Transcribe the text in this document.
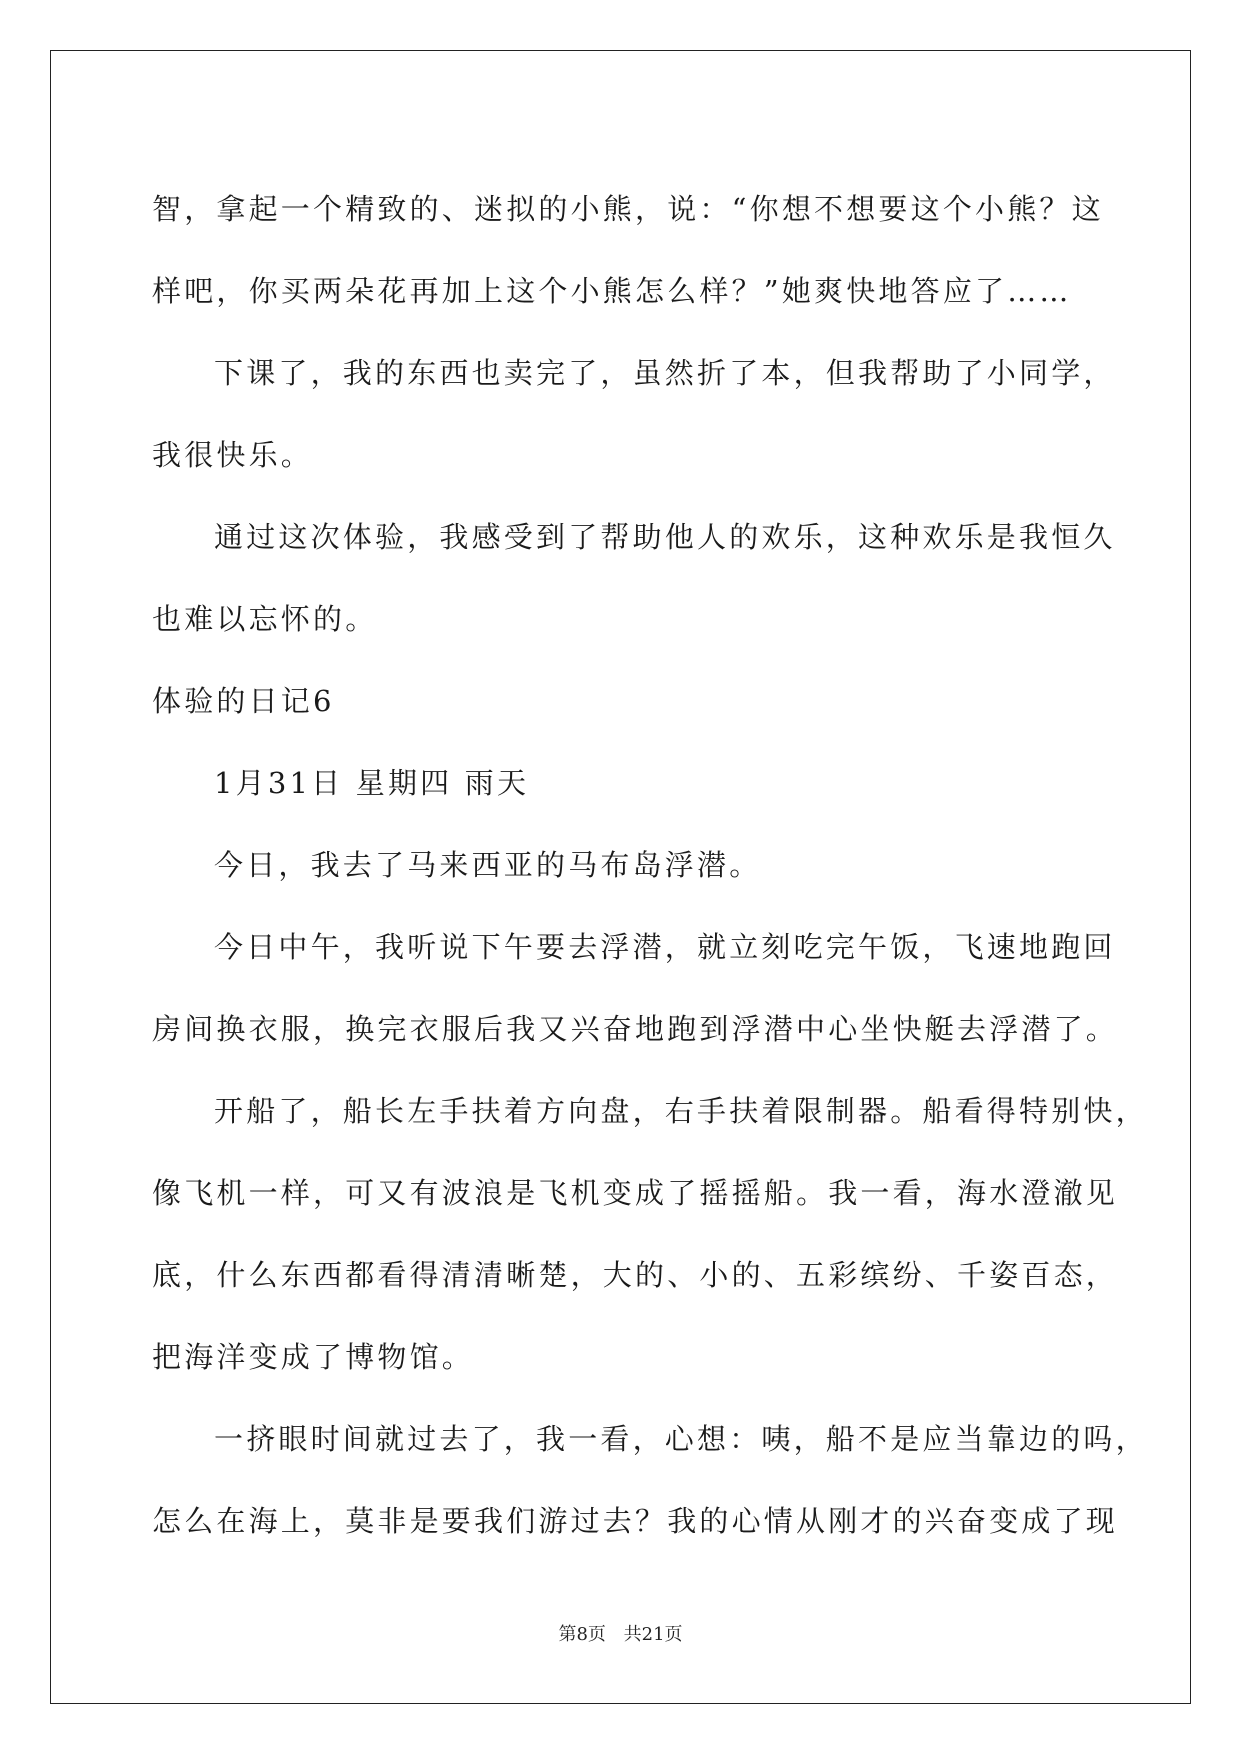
智，拿起一个精致的、迷拟的小熊，说：“你想不想要这个小熊？这
样吧，你买两朵花再加上这个小熊怎么样？”她爽快地答应了……
下课了，我的东西也卖完了，虽然折了本，但我帮助了小同学，
我很快乐。
通过这次体验，我感受到了帮助他人的欢乐，这种欢乐是我恒久
也难以忘怀的。
体验的日记6
1月31日 星期四 雨天
今日，我去了马来西亚的马布岛浮潜。
今日中午，我听说下午要去浮潜，就立刻吃完午饭，飞速地跑回
房间换衣服，换完衣服后我又兴奋地跑到浮潜中心坐快艇去浮潜了。
开船了，船长左手扶着方向盘，右手扶着限制器。船看得特别快，
像飞机一样，可又有波浪是飞机变成了摇摇船。我一看，海水澄澈见
底，什么东西都看得清清晰楚，大的、小的、五彩缤纷、千姿百态，
把海洋变成了博物馆。
一挤眼时间就过去了，我一看，心想：咦，船不是应当靠边的吗，
怎么在海上，莫非是要我们游过去？我的心情从刚才的兴奋变成了现
第8页 共21页
